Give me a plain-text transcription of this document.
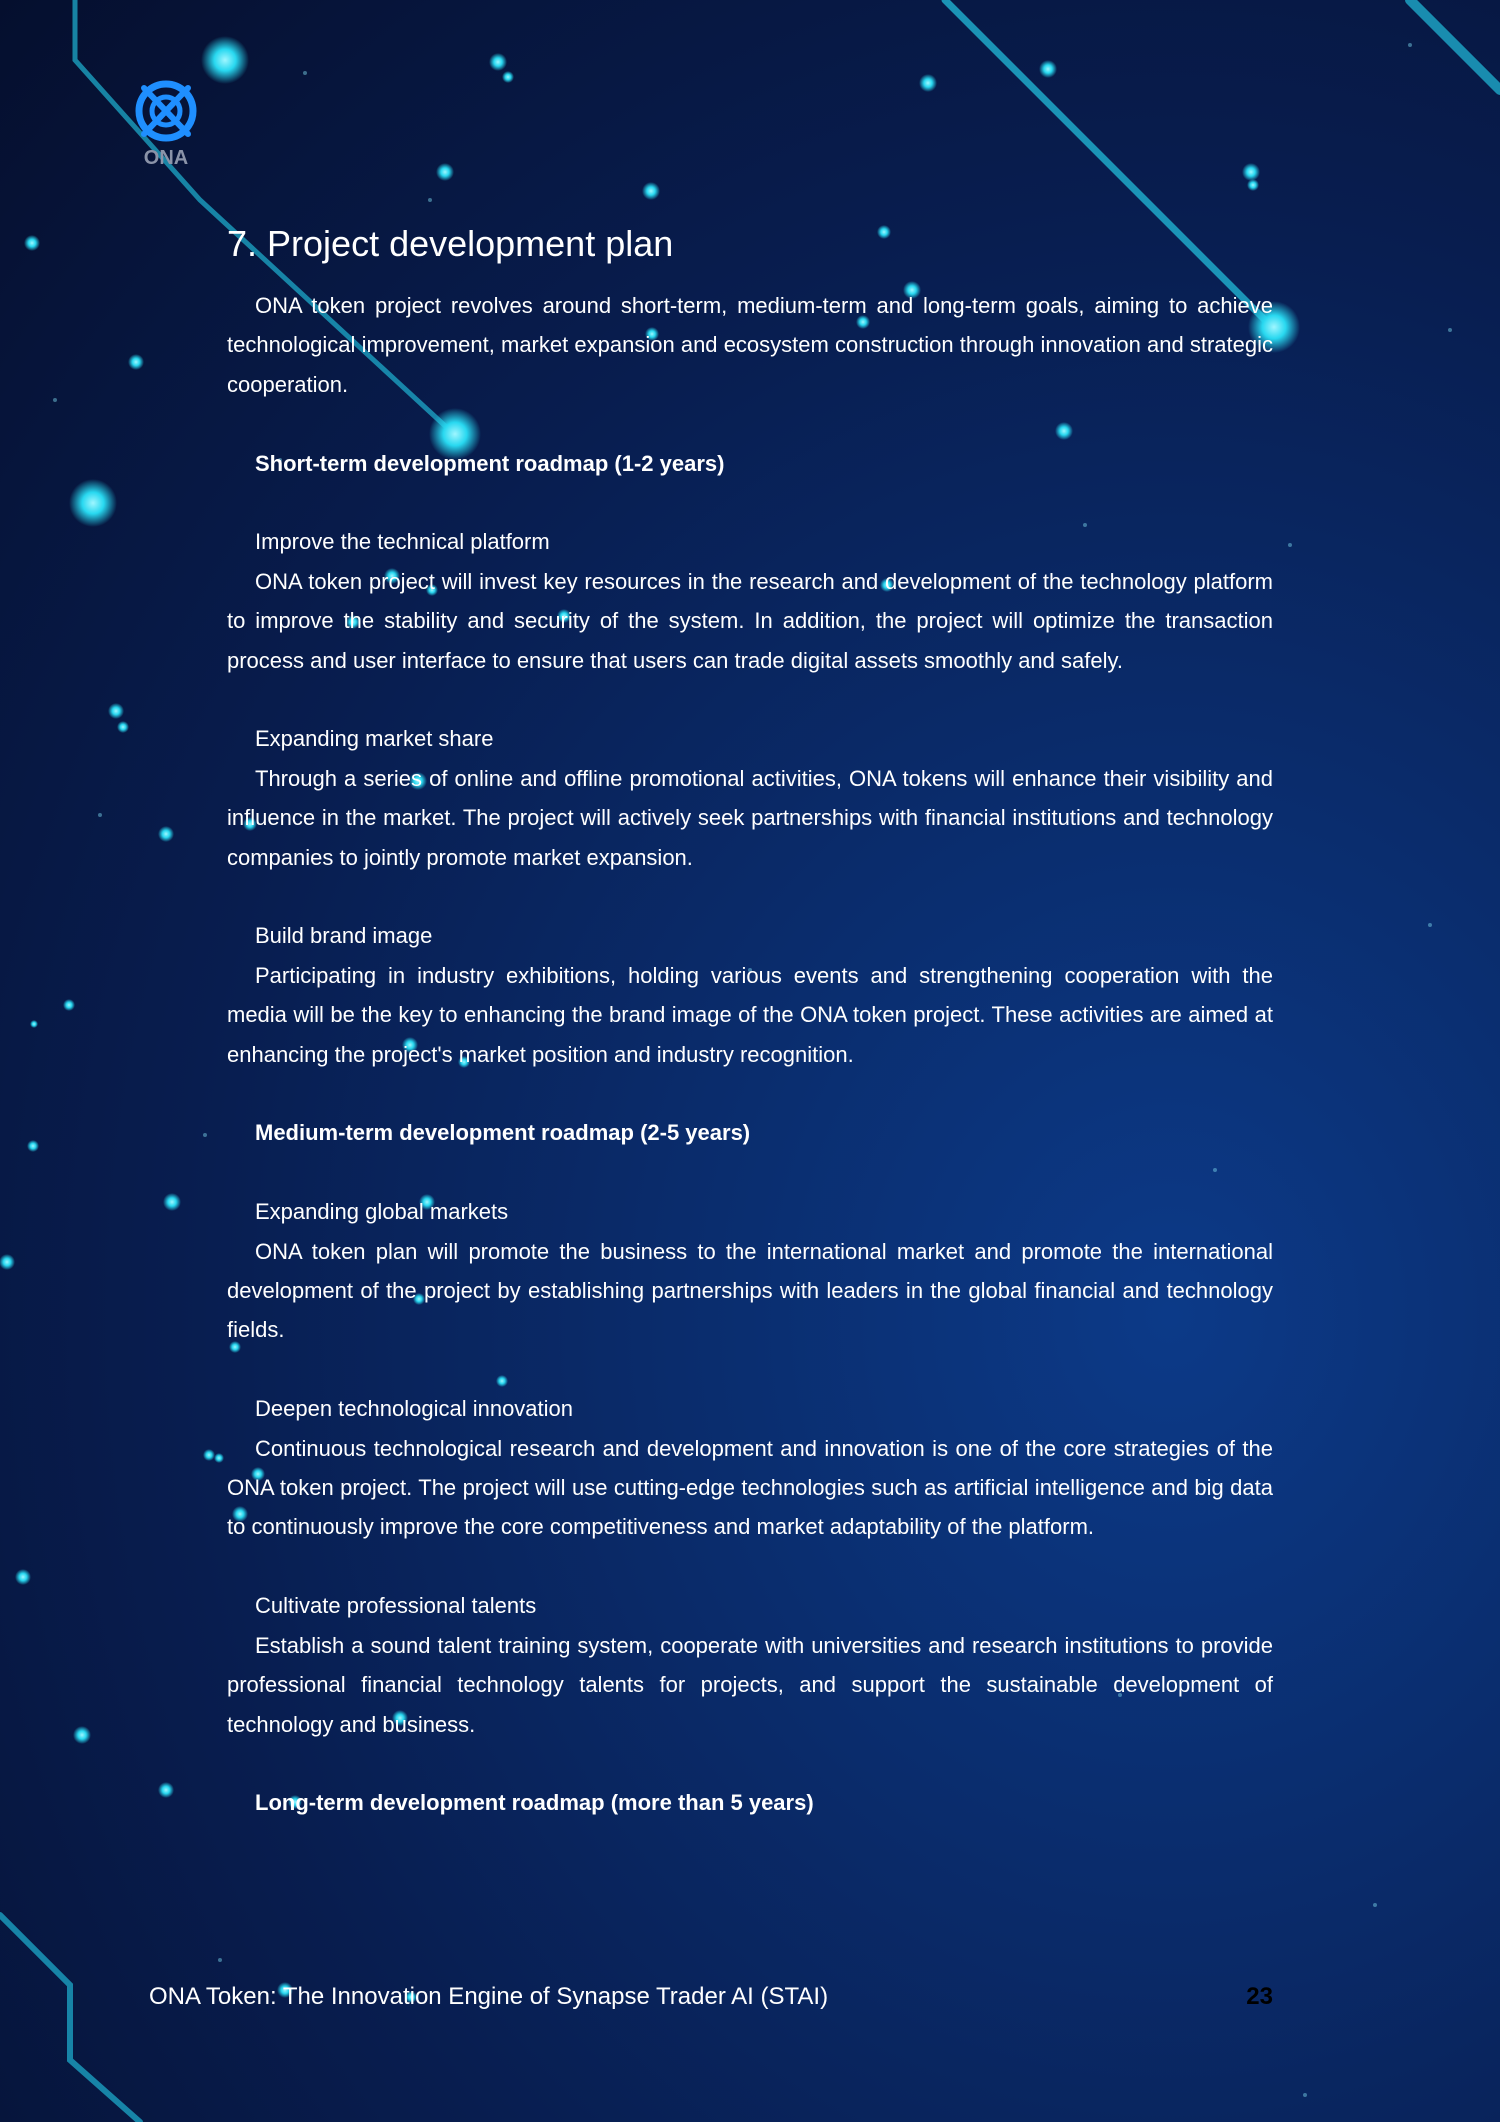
ONA
7. Project development plan

ONA token project revolves around short-term, medium-term and long-term goals, aiming to achieve technological improvement, market expansion and ecosystem construction through innovation and strategic cooperation.

Short-term development roadmap (1-2 years)
Improve the technical platform

ONA token project will invest key resources in the research and development of the technology platform to improve the stability and security of the system. In addition, the project will optimize the transaction process and user interface to ensure that users can trade digital assets smoothly and safely.

Expanding market share

Through a series of online and offline promotional activities, ONA tokens will enhance their visibility and influence in the market. The project will actively seek partnerships with financial institutions and technology companies to jointly promote market expansion.

Build brand image

Participating in industry exhibitions, holding various events and strengthening cooperation with the media will be the key to enhancing the brand image of the ONA token project. These activities are aimed at enhancing the project's market position and industry recognition.

Medium-term development roadmap (2-5 years)
Expanding global markets

ONA token plan will promote the business to the international market and promote the international development of the project by establishing partnerships with leaders in the global financial and technology fields.

Deepen technological innovation

Continuous technological research and development and innovation is one of the core strategies of the ONA token project. The project will use cutting-edge technologies such as artificial intelligence and big data to continuously improve the core competitiveness and market adaptability of the platform.

Cultivate professional talents

Establish a sound talent training system, cooperate with universities and research institutions to provide professional financial technology talents for projects, and support the sustainable development of technology and business.

Long-term development roadmap (more than 5 years)
ONA Token: The Innovation Engine of Synapse Trader AI (STAI)	23
